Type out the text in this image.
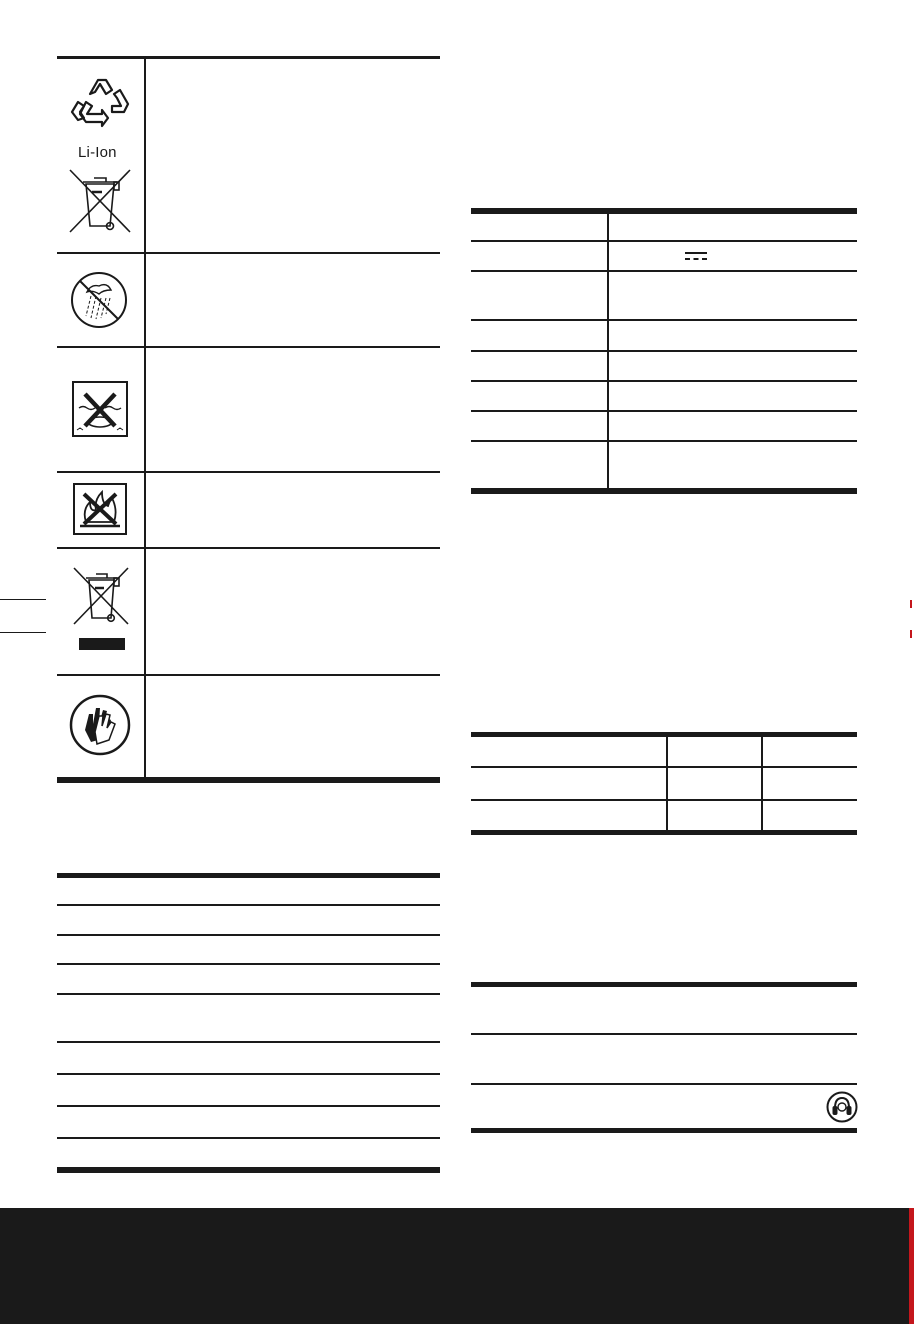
Li-Ion
